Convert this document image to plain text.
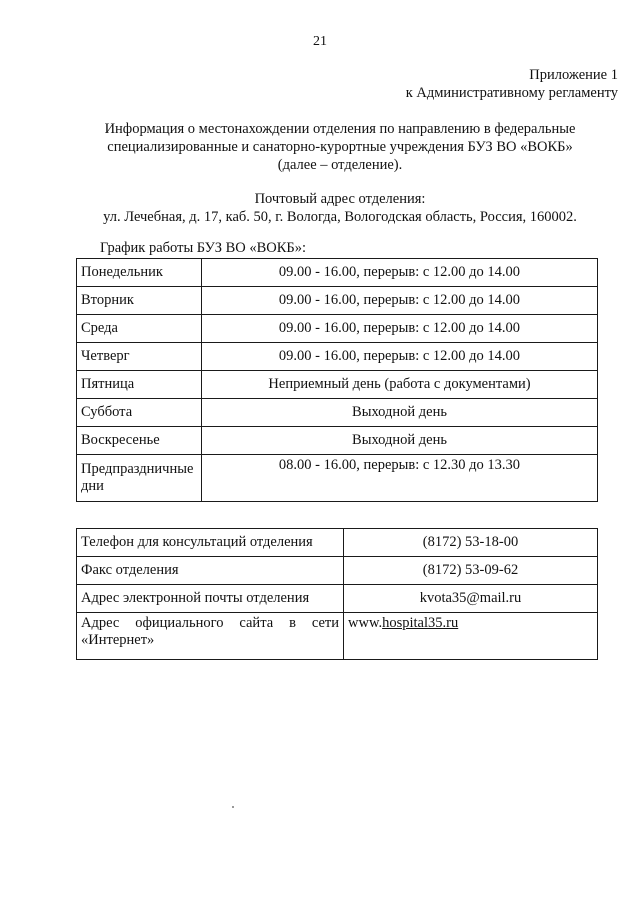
21
Приложение 1
к Административному регламенту
Информация о местонахождении отделения по направлению в федеральные
специализированные и санаторно-курортные учреждения БУЗ ВО «ВОКБ»
(далее – отделение).
Почтовый адрес отделения:
ул. Лечебная, д. 17, каб. 50, г. Вологда, Вологодская область, Россия, 160002.
График работы БУЗ ВО «ВОКБ»:
Понедельник	09.00 - 16.00, перерыв: с 12.00 до 14.00
Вторник	09.00 - 16.00, перерыв: с 12.00 до 14.00
Среда	09.00 - 16.00, перерыв: с 12.00 до 14.00
Четверг	09.00 - 16.00, перерыв: с 12.00 до 14.00
Пятница	Неприемный день (работа с документами)
Суббота	Выходной день
Воскресенье	Выходной день

Предпраздничные
дни	08.00 - 16.00, перерыв: с 12.30 до 13.30
Телефон для консультаций отделения	(8172) 53-18-00
Факс отделения	(8172) 53-09-62
Адрес электронной почты отделения	kvota35@mail.ru

Адрес официального сайта в сети
«Интернет»	www.hospital35.ru
